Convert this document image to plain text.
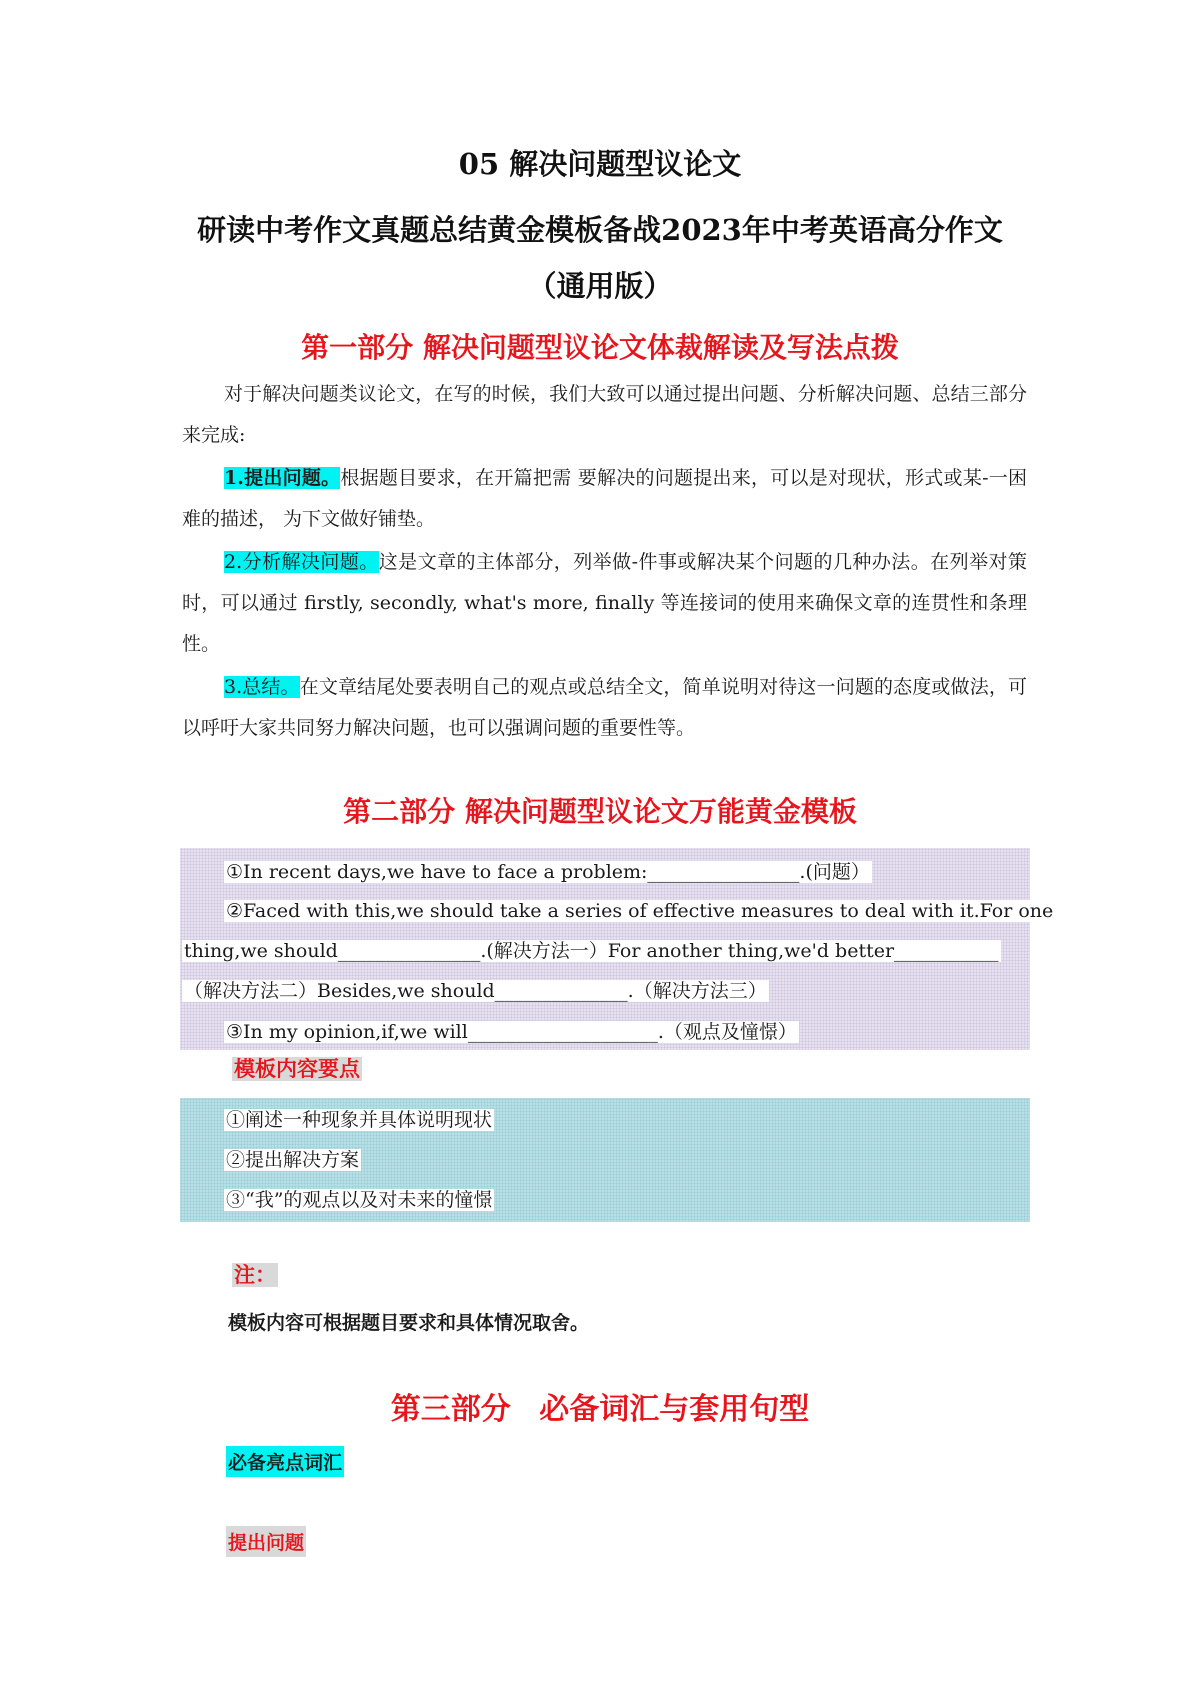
05 解决问题型议论文
研读中考作文真题总结黄金模板备战2023年中考英语高分作文
（通用版）
第一部分 解决问题型议论文体裁解读及写法点拨
对于解决问题类议论文，在写的时候，我们大致可以通过提出问题、分析解决问题、总结三部分来完成:
1.提出问题。根据题目要求，在开篇把需 要解决的问题提出来，可以是对现状，形式或某-一困难的描述， 为下文做好铺垫。
2.分析解决问题。这是文章的主体部分，列举做-件事或解决某个问题的几种办法。在列举对策时，可以通过 firstly, secondly, what's more, finally 等连接词的使用来确保文章的连贯性和条理性。
3.总结。在文章结尾处要表明自己的观点或总结全文，简单说明对待这一问题的态度或做法，可以呼吁大家共同努力解决问题，也可以强调问题的重要性等。
第二部分 解决问题型议论文万能黄金模板
①In recent days,we have to face a problem:________________.(问题）
②Faced with this,we should take a series of effective measures to deal with it.For one
thing,we should_______________.(解决方法一）For another thing,we'd better___________
（解决方法二）Besides,we should______________.（解决方法三）
③In my opinion,if,we will____________________.（观点及憧憬）
模板内容要点
①阐述一种现象并具体说明现状
②提出解决方案
③“我”的观点以及对未来的憧憬
注：
模板内容可根据题目要求和具体情况取舍。
第三部分 必备词汇与套用句型
必备亮点词汇
提出问题
